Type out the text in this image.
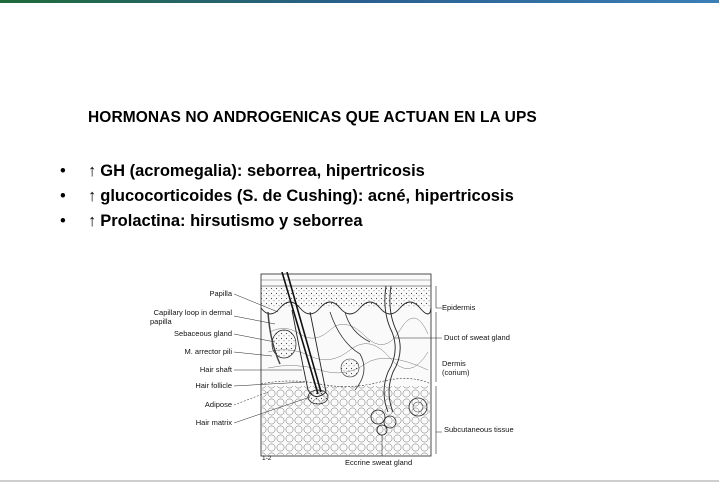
HORMONAS NO ANDROGENICAS QUE ACTUAN EN LA UPS
• ↑ GH (acromegalia): seborrea, hipertricosis
• ↑ glucocorticoides (S. de Cushing): acné, hipertricosis
• ↑ Prolactina: hirsutismo y seborrea
Papilla
Capillary loop in dermal
papilla
Sebaceous gland
M. arrector pili
Hair shaft
Hair follicle
Adipose
Hair matrix
Epidermis
Duct of sweat gland
Dermis
(corium)
Subcutaneous tissue
Eccrine sweat gland
1-2
